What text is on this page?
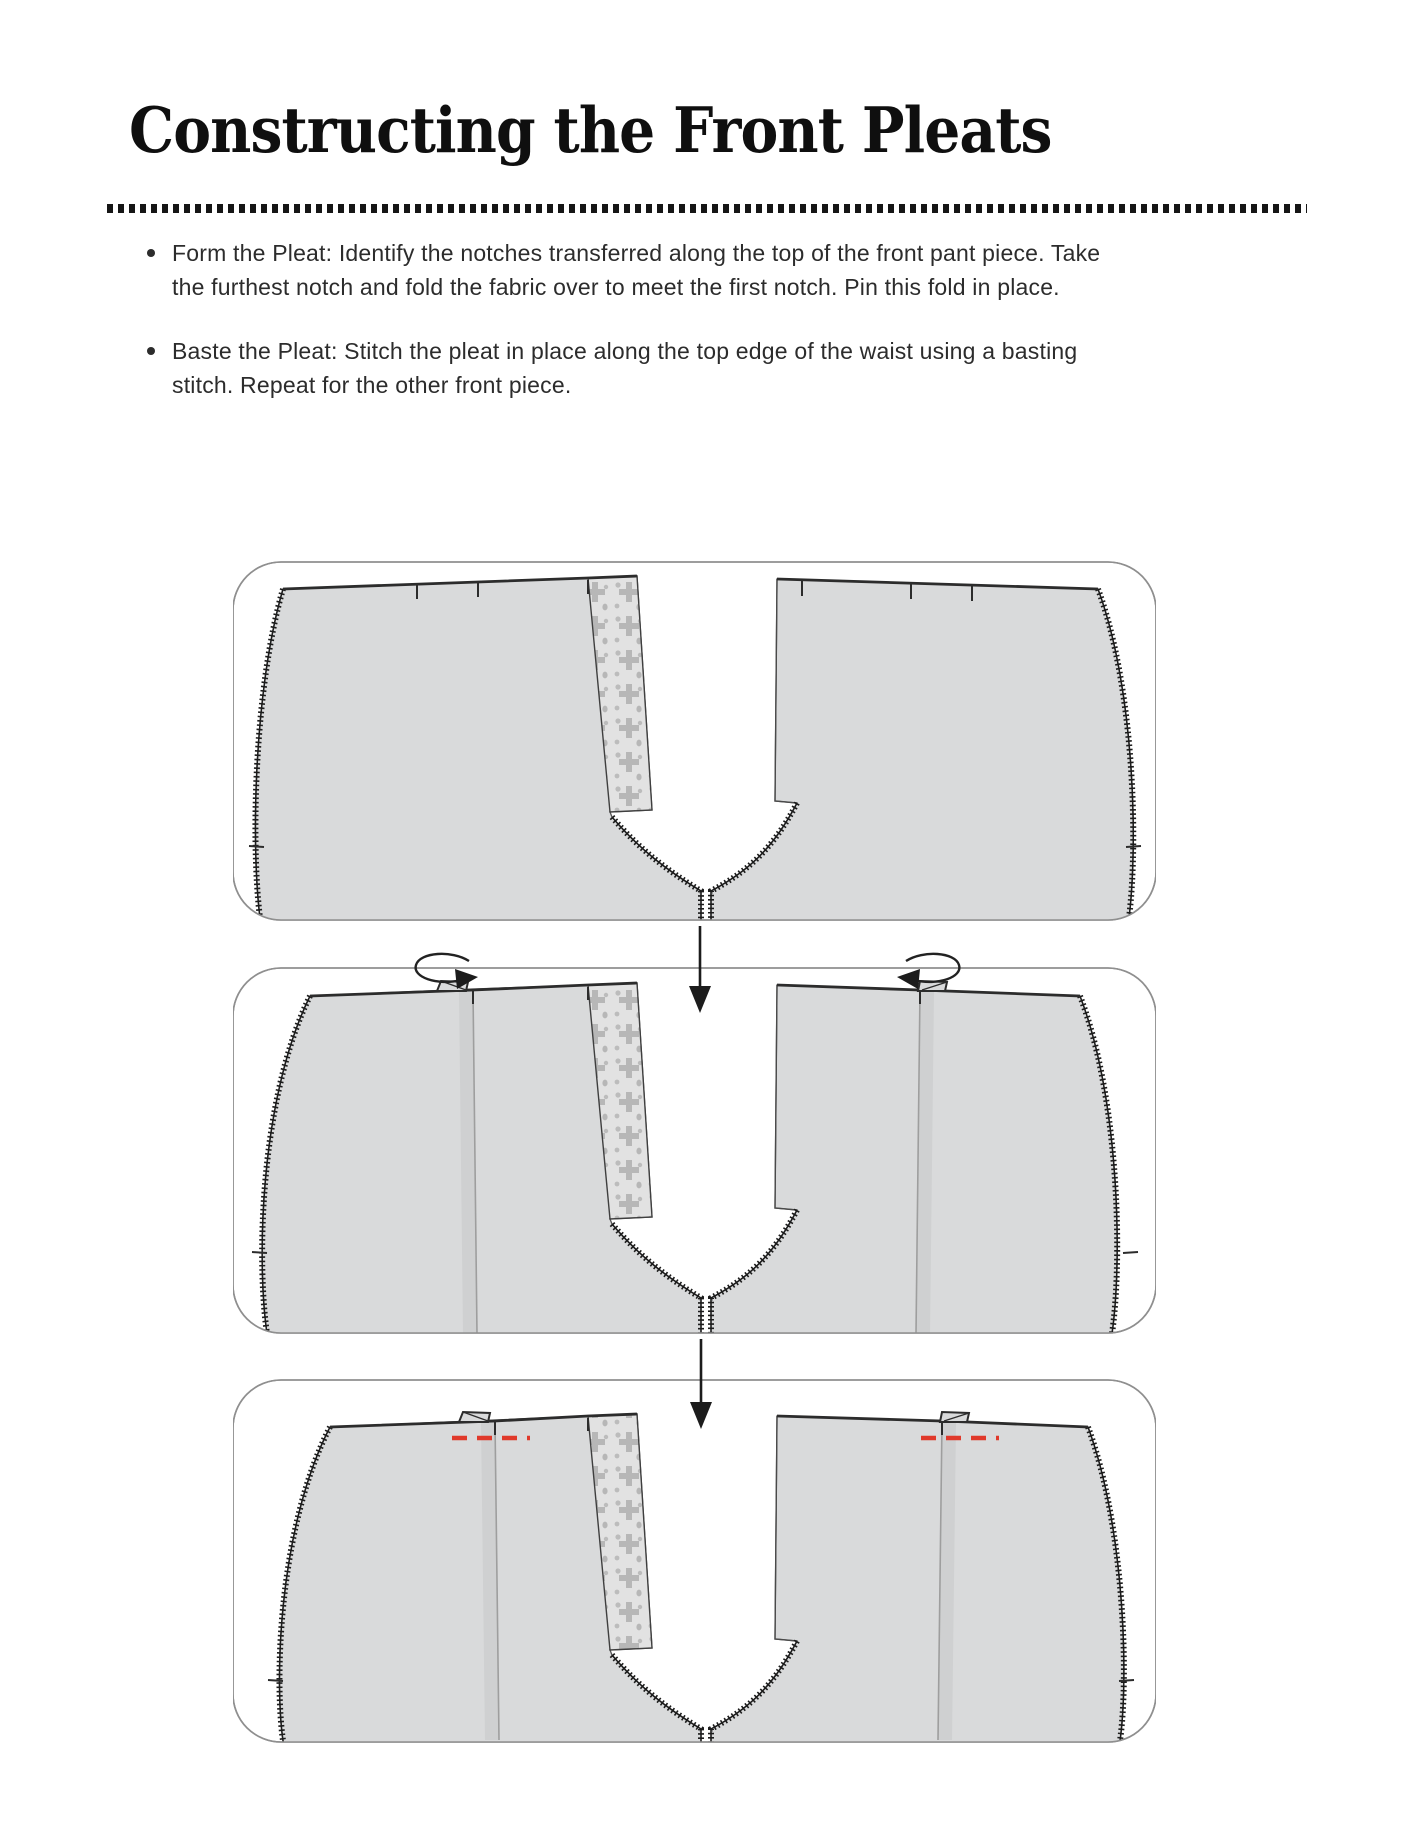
Constructing the Front Pleats
Form the Pleat: Identify the notches transferred along the top of the front pant piece. Take the furthest notch and fold the fabric over to meet the first notch. Pin this fold in place.
Baste the Pleat: Stitch the pleat in place along the top edge of the waist using a basting stitch. Repeat for the other front piece.
